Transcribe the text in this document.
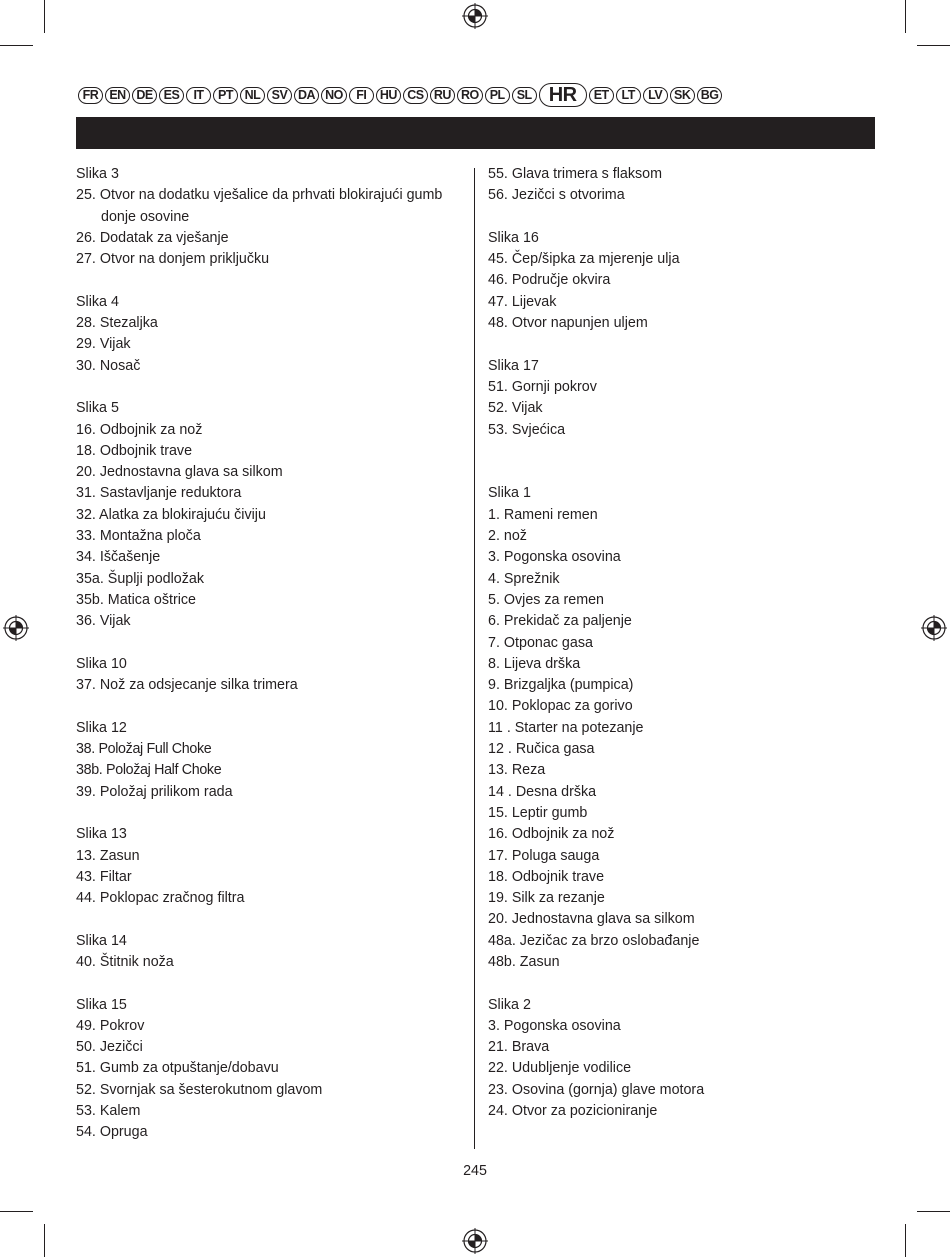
FR EN DE ES	IT	PT NL SV DA NO	FI	HU CS RU RO PL SL HR	ET	LT	LV SK BG
Slika 3
25. Otvor na dodatku vješalice da prhvati blokirajući gumb donje osovine
26. Dodatak za vješanje
27. Otvor na donjem priključku
Slika 4
28. Stezaljka
29. Vijak
30. Nosač
Slika 5
16. Odbojnik za nož
18. Odbojnik trave
20. Jednostavna glava sa silkom
31. Sastavljanje reduktora
32. Alatka za blokirajuću čiviju
33. Montažna ploča
34. Iščašenje
35a. Šuplji podložak
35b. Matica oštrice
36. Vijak
Slika 10
37. Nož za odsjecanje silka trimera
Slika 12
38. Položaj Full Choke
38b. Položaj Half Choke
39. Položaj prilikom rada
Slika 13
13. Zasun
43. Filtar
44. Poklopac zračnog filtra
Slika 14
40. Štitnik noža
Slika 15
49. Pokrov
50. Jezičci
51. Gumb za otpuštanje/dobavu
52. Svornjak sa šesterokutnom glavom
53. Kalem
54. Opruga
55. Glava trimera s flaksom
56. Jezičci s otvorima
Slika 16
45. Čep/šipka za mjerenje ulja
46. Područje okvira
47. Lijevak
48. Otvor napunjen uljem
Slika 17
51. Gornji pokrov
52. Vijak
53. Svjećica
Slika 1
1. Rameni remen
2. nož
3. Pogonska osovina
4. Sprežnik
5. Ovjes za remen
6. Prekidač za paljenje
7. Otponac gasa
8. Lijeva drška
9. Brizgaljka (pumpica)
10. Poklopac za gorivo
11 . Starter na potezanje
12 . Ručica gasa
13. Reza
14 . Desna drška
15. Leptir gumb
16. Odbojnik za nož
17. Poluga sauga
18. Odbojnik trave
19. Silk za rezanje
20. Jednostavna glava sa silkom
48a. Jezičac za brzo oslobađanje
48b. Zasun
Slika 2
3. Pogonska osovina
21. Brava
22. Udubljenje vodilice
23. Osovina (gornja) glave motora
24. Otvor za pozicioniranje
245
